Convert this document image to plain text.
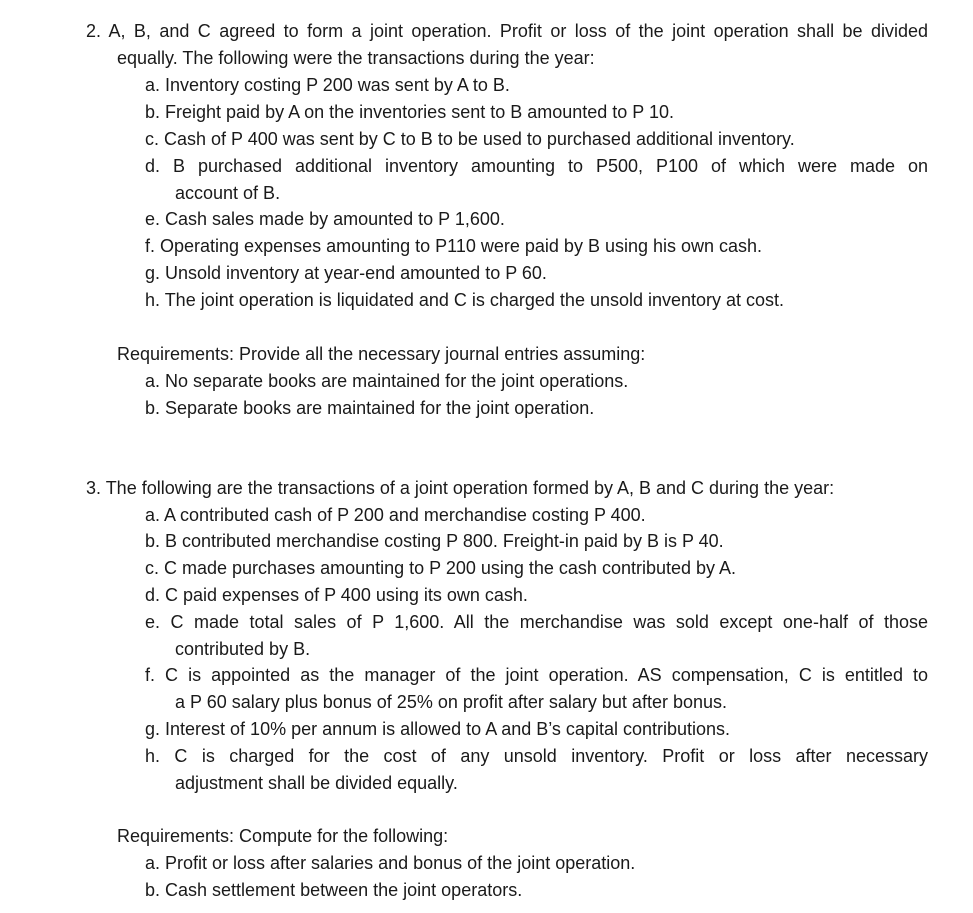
2. A, B, and C agreed to form a joint operation. Profit or loss of the joint operation shall be divided
equally. The following were the transactions during the year:
a. Inventory costing P 200 was sent by A to B.
b. Freight paid by A on the inventories sent to B amounted to P 10.
c. Cash of P 400 was sent by C to B to be used to purchased additional inventory.
d. B purchased additional inventory amounting to P500, P100 of which were made on
account of B.
e. Cash sales made by amounted to P 1,600.
f. Operating expenses amounting to P110 were paid by B using his own cash.
g. Unsold inventory at year-end amounted to P 60.
h. The joint operation is liquidated and C is charged the unsold inventory at cost.
Requirements: Provide all the necessary journal entries assuming:
a. No separate books are maintained for the joint operations.
b. Separate books are maintained for the joint operation.
3. The following are the transactions of a joint operation formed by A, B and C during the year:
a. A contributed cash of P 200 and merchandise costing P 400.
b. B contributed merchandise costing P 800. Freight-in paid by B is P 40.
c. C made purchases amounting to P 200 using the cash contributed by A.
d. C paid expenses of P 400 using its own cash.
e. C made total sales of P 1,600. All the merchandise was sold except one-half of those
contributed by B.
f. C is appointed as the manager of the joint operation. AS compensation, C is entitled to
a P 60 salary plus bonus of 25% on profit after salary but after bonus.
g. Interest of 10% per annum is allowed to A and B’s capital contributions.
h. C is charged for the cost of any unsold inventory. Profit or loss after necessary
adjustment shall be divided equally.
Requirements: Compute for the following:
a. Profit or loss after salaries and bonus of the joint operation.
b. Cash settlement between the joint operators.
